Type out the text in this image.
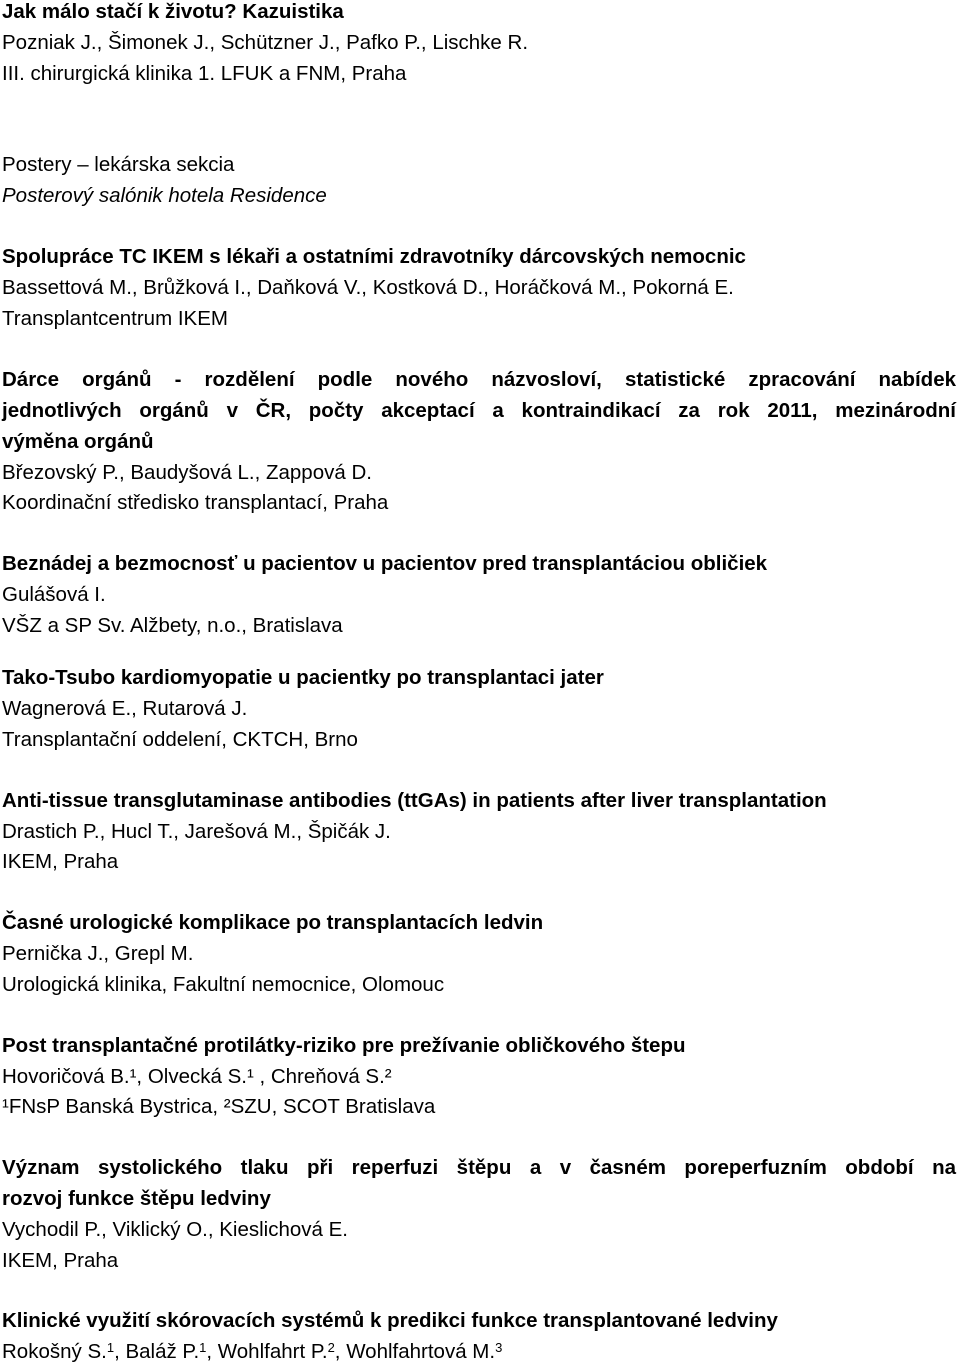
Jak málo stačí k životu? Kazuistika
Pozniak J., Šimonek J., Schützner J., Pafko P., Lischke R.
III. chirurgická klinika 1. LFUK a FNM, Praha
Postery – lekárska sekcia
Posterový salónik hotela Residence
Spolupráce TC IKEM s lékaři a ostatními zdravotníky dárcovských nemocnic
Bassettová M., Brůžková I., Daňková V., Kostková D., Horáčková M., Pokorná E.
Transplantcentrum IKEM
Dárce orgánů - rozdělení podle nového názvosloví, statistické zpracování nabídek
jednotlivých orgánů v ČR, počty akceptací a kontraindikací za rok 2011, mezinárodní
výměna orgánů
Březovský P., Baudyšová L., Zappová D.
Koordinační středisko transplantací, Praha
Beznádej a bezmocnosť u pacientov u pacientov pred transplantáciou obličiek
Gulášová I.
VŠZ a SP Sv. Alžbety, n.o., Bratislava
Tako-Tsubo kardiomyopatie u pacientky po transplantaci jater
Wagnerová E., Rutarová J.
Transplantační oddelení, CKTCH, Brno
Anti-tissue transglutaminase antibodies (ttGAs) in patients after liver transplantation
Drastich P., Hucl T., Jarešová M., Špičák J.
IKEM, Praha
Časné urologické komplikace po transplantacích ledvin
Pernička J., Grepl M.
Urologická klinika, Fakultní nemocnice, Olomouc
Post transplantačné protilátky-riziko pre prežívanie obličkového štepu
Hovoričová B.¹, Olvecká S.¹ , Chreňová S.²
¹FNsP Banská Bystrica, ²SZU, SCOT Bratislava
Význam systolického tlaku při reperfuzi štěpu a v časném poreperfuzním období na
rozvoj funkce štěpu ledviny
Vychodil P., Viklický O., Kieslichová E.
IKEM, Praha
Klinické využití skórovacích systémů k predikci funkce transplantované ledviny
Rokošný S.$^1$, Baláž P.$^1$, Wohlfahrt P.$^2$, Wohlfahrtová M.$^3$
